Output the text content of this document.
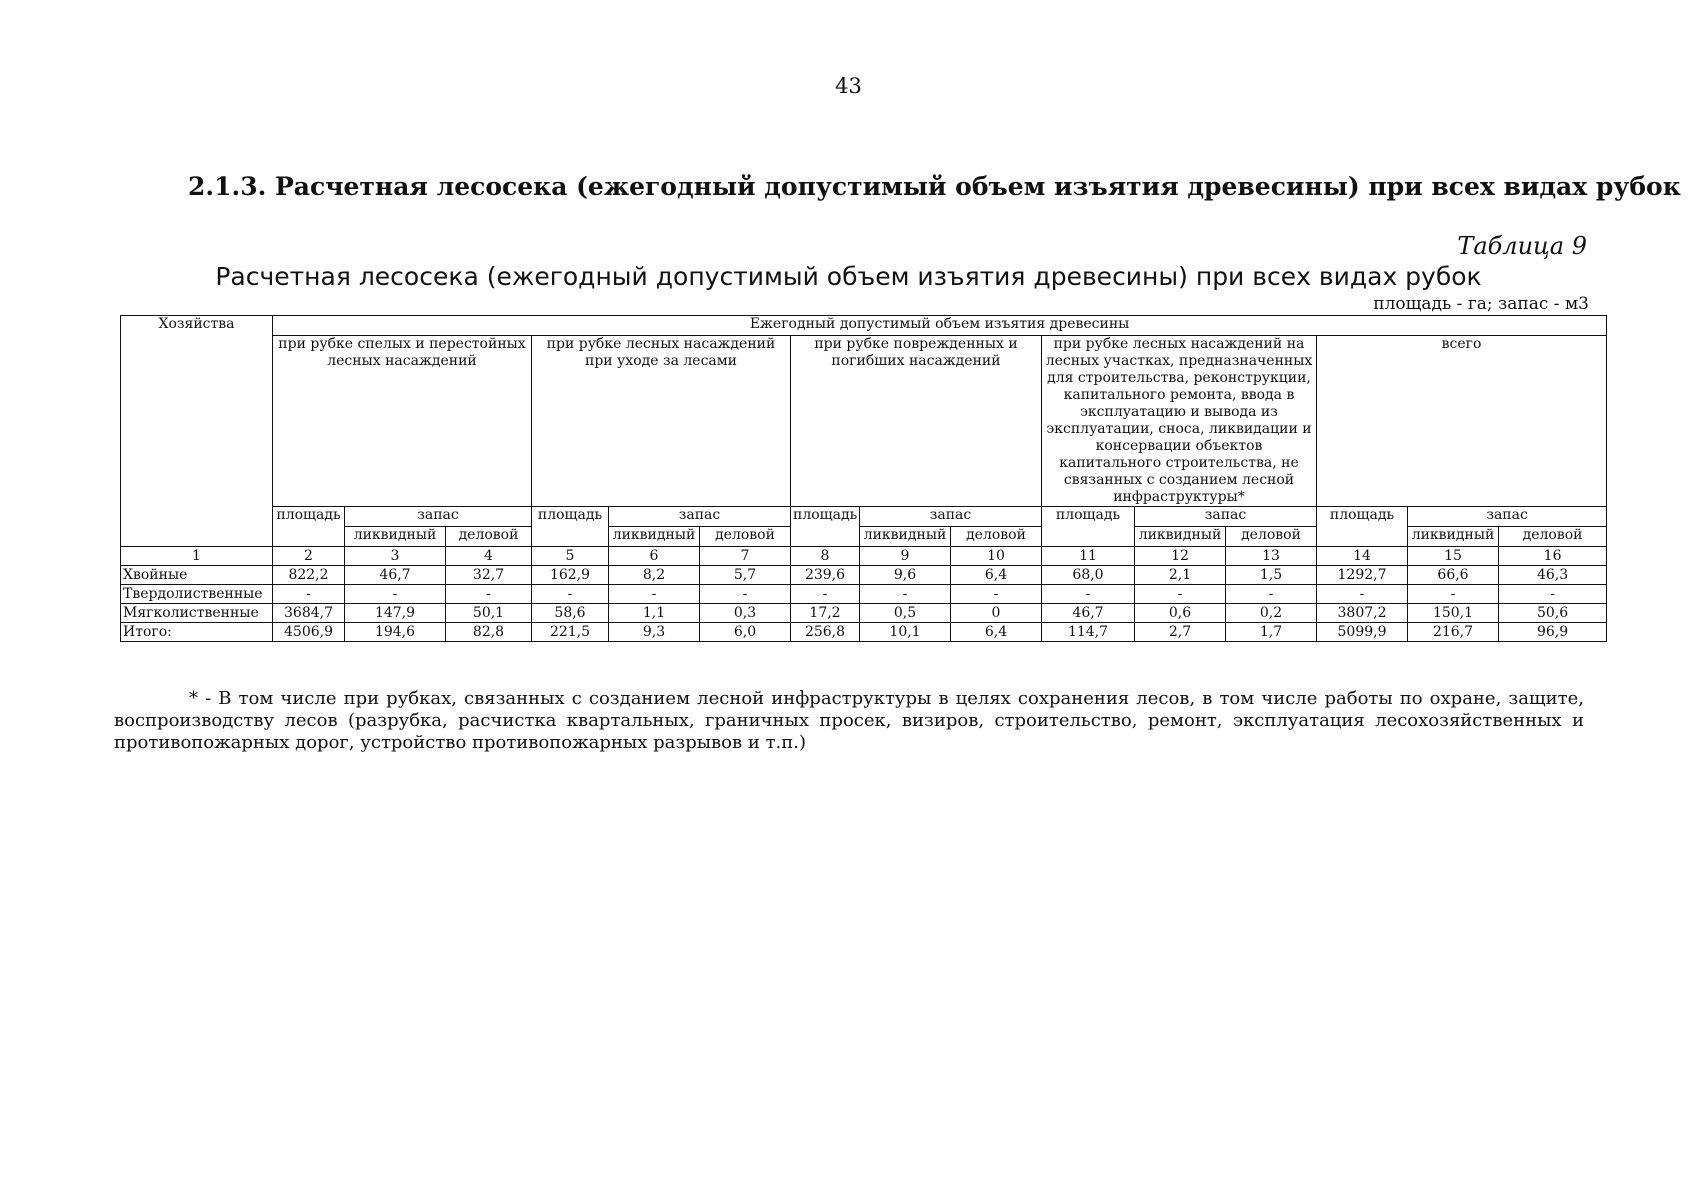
43
2.1.3. Расчетная лесосека (ежегодный допустимый объем изъятия древесины) при всех видах рубок
Таблица 9
Расчетная лесосека (ежегодный допустимый объем изъятия древесины) при всех видах рубок
площадь - га; запас - м3
Хозяйства	Ежегодный допустимый объем изъятия древесины														
	при рубке спелых и перестойных лесных насаждений			при рубке лесных насаждений при уходе за лесами			при рубке поврежденных и погибших насаждений			при рубке лесных насаждений на лесных участках, предназначенных для строительства, реконструкции, капитального ремонта, ввода в эксплуатацию и вывода из эксплуатации, сноса, ликвидации и консервации объектов капитального строительства, не связанных с созданием лесной инфраструктуры*			всего		
	площадь	запас		площадь	запас		площадь	запас		площадь	запас		площадь	запас	
		ликвидный	деловой		ликвидный	деловой		ликвидный	деловой		ликвидный	деловой		ликвидный	деловой
1	2	3	4	5	6	7	8	9	10	11	12	13	14	15	16
Хвойные	822,2	46,7	32,7	162,9	8,2	5,7	239,6	9,6	6,4	68,0	2,1	1,5	1292,7	66,6	46,3
Твердолиственные	-	-	-	-	-	-	-	-	-	-	-	-	-	-	-
Мягколиственные	3684,7	147,9	50,1	58,6	1,1	0,3	17,2	0,5	0	46,7	0,6	0,2	3807,2	150,1	50,6
Итого:	4506,9	194,6	82,8	221,5	9,3	6,0	256,8	10,1	6,4	114,7	2,7	1,7	5099,9	216,7	96,9
* - В том числе при рубках, связанных с созданием лесной инфраструктуры в целях сохранения лесов, в том числе работы по охране, защите, воспроизводству лесов (разрубка, расчистка квартальных, граничных просек, визиров, строительство, ремонт, эксплуатация лесохозяйственных и противопожарных дорог, устройство противопожарных разрывов и т.п.)
